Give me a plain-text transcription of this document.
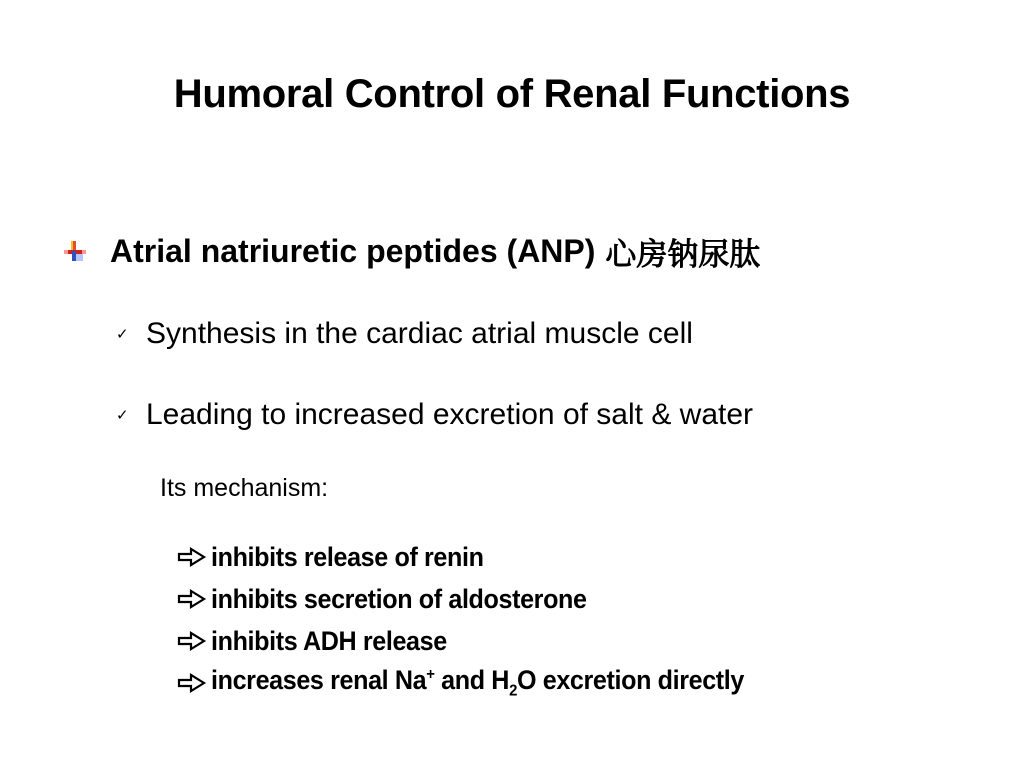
Humoral Control of Renal Functions
Atrial natriuretic peptides (ANP) 心房钠尿肽
✓ Synthesis in the cardiac atrial muscle cell
✓ Leading to increased excretion of salt & water
Its mechanism:
inhibits release of renin
inhibits secretion of aldosterone
inhibits ADH release
increases renal Na+ and $H_2O$ excretion directly
